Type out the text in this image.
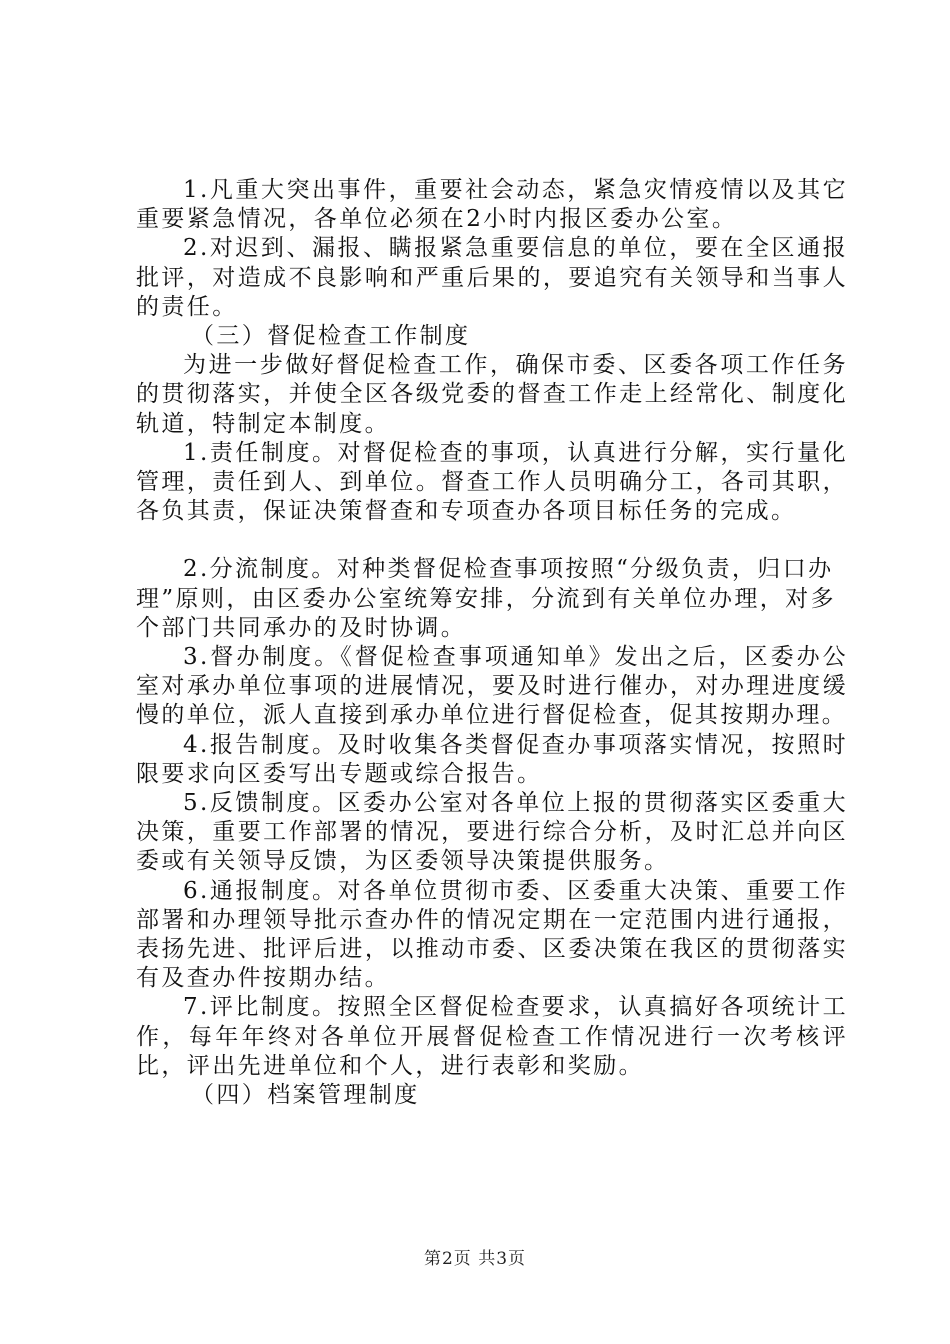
1.凡重大突出事件，重要社会动态，紧急灾情疫情以及其它重要紧急情况，各单位必须在2小时内报区委办公室。

2.对迟到、漏报、瞒报紧急重要信息的单位，要在全区通报批评，对造成不良影响和严重后果的，要追究有关领导和当事人的责任。

（三）督促检查工作制度

为进一步做好督促检查工作，确保市委、区委各项工作任务的贯彻落实，并使全区各级党委的督查工作走上经常化、制度化轨道，特制定本制度。

1.责任制度。对督促检查的事项，认真进行分解，实行量化管理，责任到人、到单位。督查工作人员明确分工，各司其职，各负其责，保证决策督查和专项查办各项目标任务的完成。

2.分流制度。对种类督促检查事项按照“分级负责，归口办理”原则，由区委办公室统筹安排，分流到有关单位办理，对多个部门共同承办的及时协调。

3.督办制度。《督促检查事项通知单》发出之后，区委办公室对承办单位事项的进展情况，要及时进行催办，对办理进度缓慢的单位，派人直接到承办单位进行督促检查，促其按期办理。

4.报告制度。及时收集各类督促查办事项落实情况，按照时限要求向区委写出专题或综合报告。

5.反馈制度。区委办公室对各单位上报的贯彻落实区委重大决策，重要工作部署的情况，要进行综合分析，及时汇总并向区委或有关领导反馈，为区委领导决策提供服务。

6.通报制度。对各单位贯彻市委、区委重大决策、重要工作部署和办理领导批示查办件的情况定期在一定范围内进行通报，表扬先进、批评后进，以推动市委、区委决策在我区的贯彻落实有及查办件按期办结。

7.评比制度。按照全区督促检查要求，认真搞好各项统计工作，每年年终对各单位开展督促检查工作情况进行一次考核评比，评出先进单位和个人，进行表彰和奖励。

（四）档案管理制度

第2页 共3页
